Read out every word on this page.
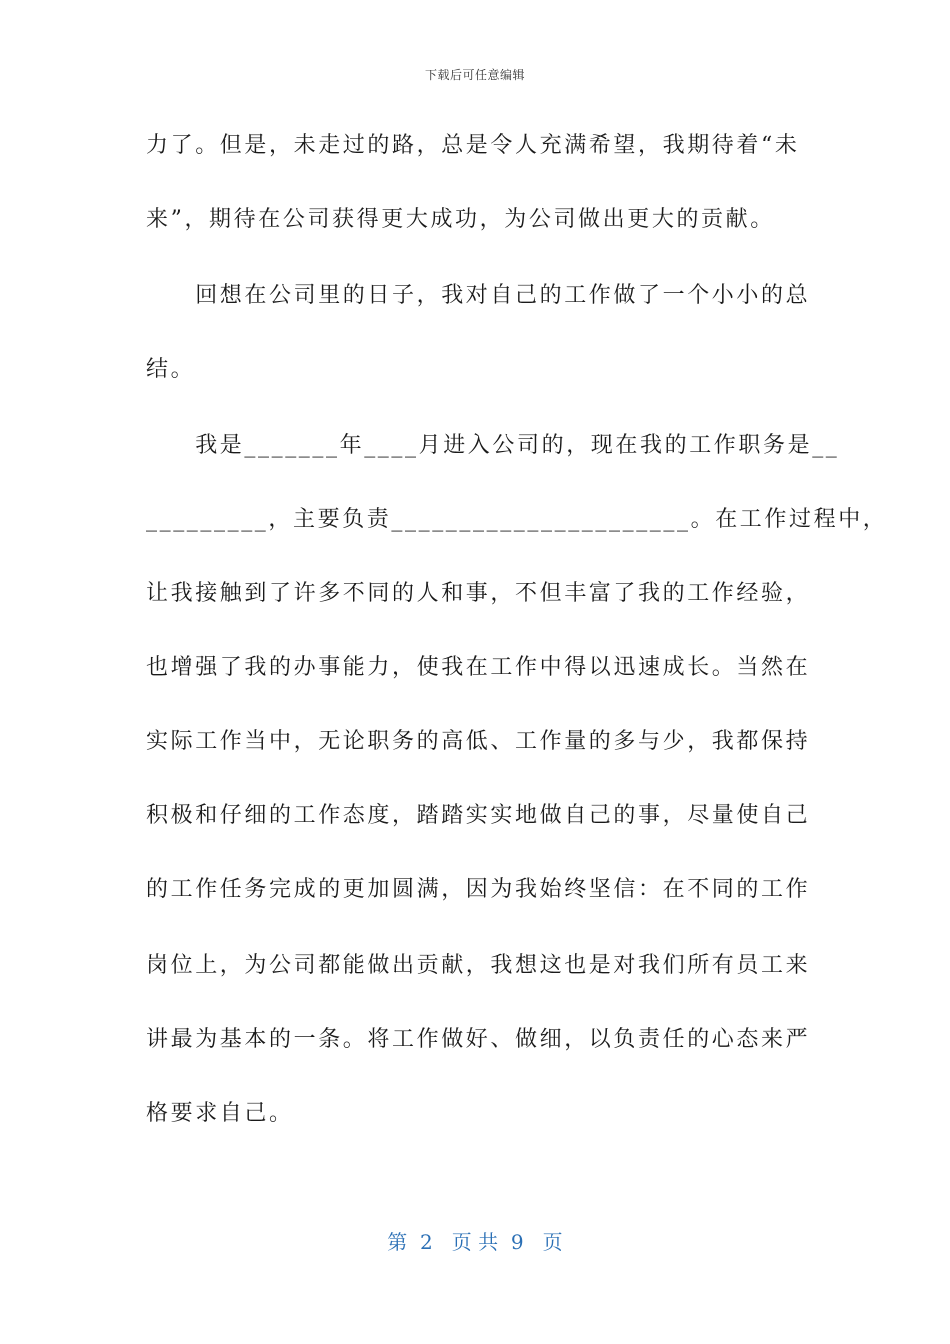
下载后可任意编辑
力了。但是，未走过的路，总是令人充满希望，我期待着“未
来”，期待在公司获得更大成功，为公司做出更大的贡献。
　　回想在公司里的日子，我对自己的工作做了一个小小的总
结。
　　我是_______年____月进入公司的，现在我的工作职务是__
_________，主要负责______________________。在工作过程中，
让我接触到了许多不同的人和事，不但丰富了我的工作经验，
也增强了我的办事能力，使我在工作中得以迅速成长。当然在
实际工作当中，无论职务的高低、工作量的多与少，我都保持
积极和仔细的工作态度，踏踏实实地做自己的事，尽量使自己
的工作任务完成的更加圆满，因为我始终坚信：在不同的工作
岗位上，为公司都能做出贡献，我想这也是对我们所有员工来
讲最为基本的一条。将工作做好、做细，以负责任的心态来严
格要求自己。
第  2   页 共  9   页
